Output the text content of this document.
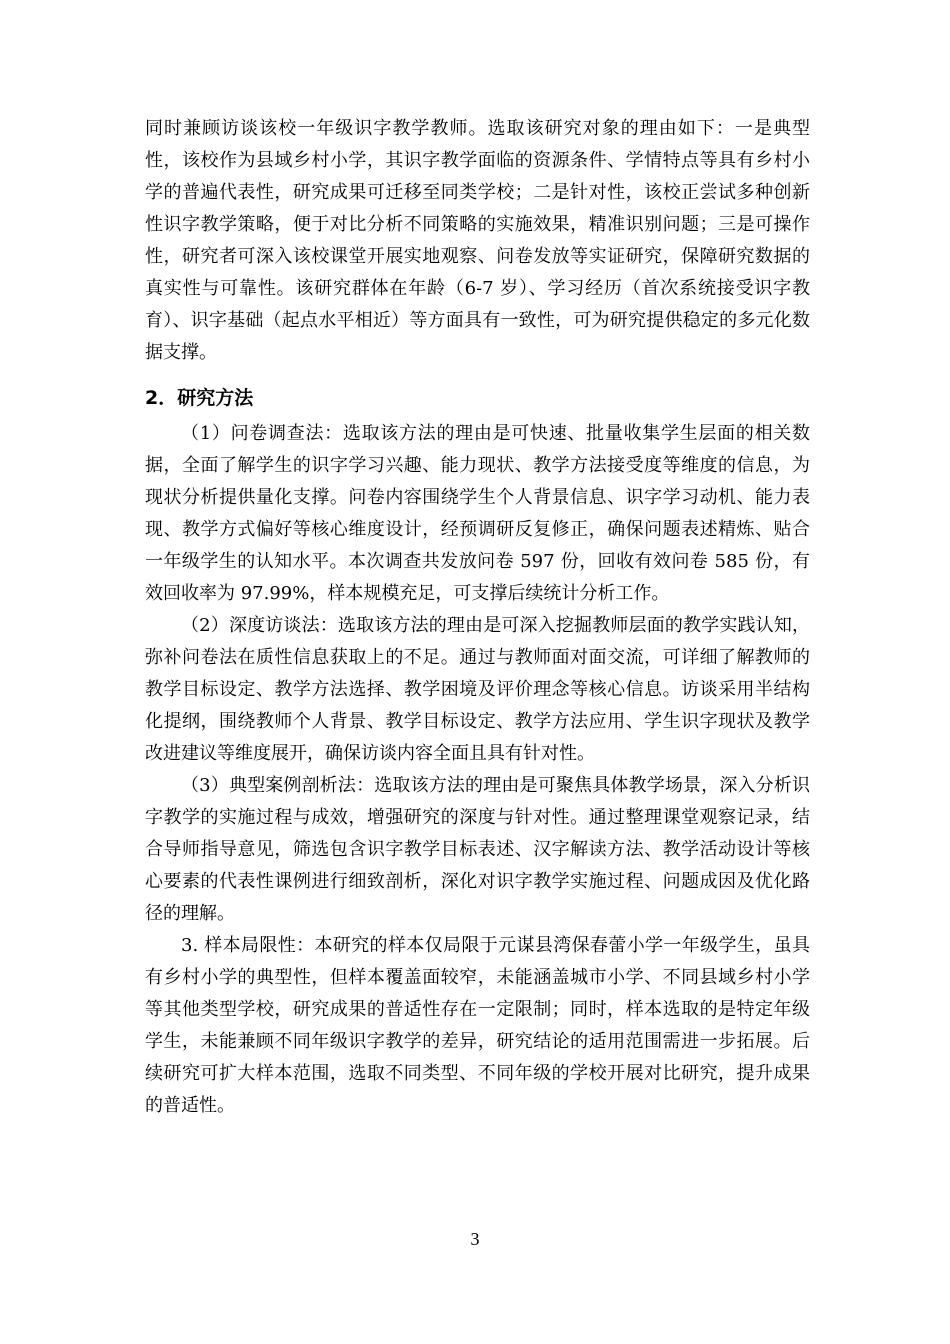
同时兼顾访谈该校一年级识字教学教师。选取该研究对象的理由如下：一是典型性，该校作为县域乡村小学，其识字教学面临的资源条件、学情特点等具有乡村小学的普遍代表性，研究成果可迁移至同类学校；二是针对性，该校正尝试多种创新性识字教学策略，便于对比分析不同策略的实施效果，精准识别问题；三是可操作性，研究者可深入该校课堂开展实地观察、问卷发放等实证研究，保障研究数据的真实性与可靠性。该研究群体在年龄（6-7 岁）、学习经历（首次系统接受识字教育）、识字基础（起点水平相近）等方面具有一致性，可为研究提供稳定的多元化数据支撑。

2．研究方法

（1）问卷调查法：选取该方法的理由是可快速、批量收集学生层面的相关数据，全面了解学生的识字学习兴趣、能力现状、教学方法接受度等维度的信息，为现状分析提供量化支撑。问卷内容围绕学生个人背景信息、识字学习动机、能力表现、教学方式偏好等核心维度设计，经预调研反复修正，确保问题表述精炼、贴合一年级学生的认知水平。本次调查共发放问卷 597 份，回收有效问卷 585 份，有效回收率为 97.99%，样本规模充足，可支撑后续统计分析工作。

（2）深度访谈法：选取该方法的理由是可深入挖掘教师层面的教学实践认知，弥补问卷法在质性信息获取上的不足。通过与教师面对面交流，可详细了解教师的教学目标设定、教学方法选择、教学困境及评价理念等核心信息。访谈采用半结构化提纲，围绕教师个人背景、教学目标设定、教学方法应用、学生识字现状及教学改进建议等维度展开，确保访谈内容全面且具有针对性。

（3）典型案例剖析法：选取该方法的理由是可聚焦具体教学场景，深入分析识字教学的实施过程与成效，增强研究的深度与针对性。通过整理课堂观察记录，结合导师指导意见，筛选包含识字教学目标表述、汉字解读方法、教学活动设计等核心要素的代表性课例进行细致剖析，深化对识字教学实施过程、问题成因及优化路径的理解。

3. 样本局限性：本研究的样本仅局限于元谋县湾保春蕾小学一年级学生，虽具有乡村小学的典型性，但样本覆盖面较窄，未能涵盖城市小学、不同县域乡村小学等其他类型学校，研究成果的普适性存在一定限制；同时，样本选取的是特定年级学生，未能兼顾不同年级识字教学的差异，研究结论的适用范围需进一步拓展。后续研究可扩大样本范围，选取不同类型、不同年级的学校开展对比研究，提升成果的普适性。

3
